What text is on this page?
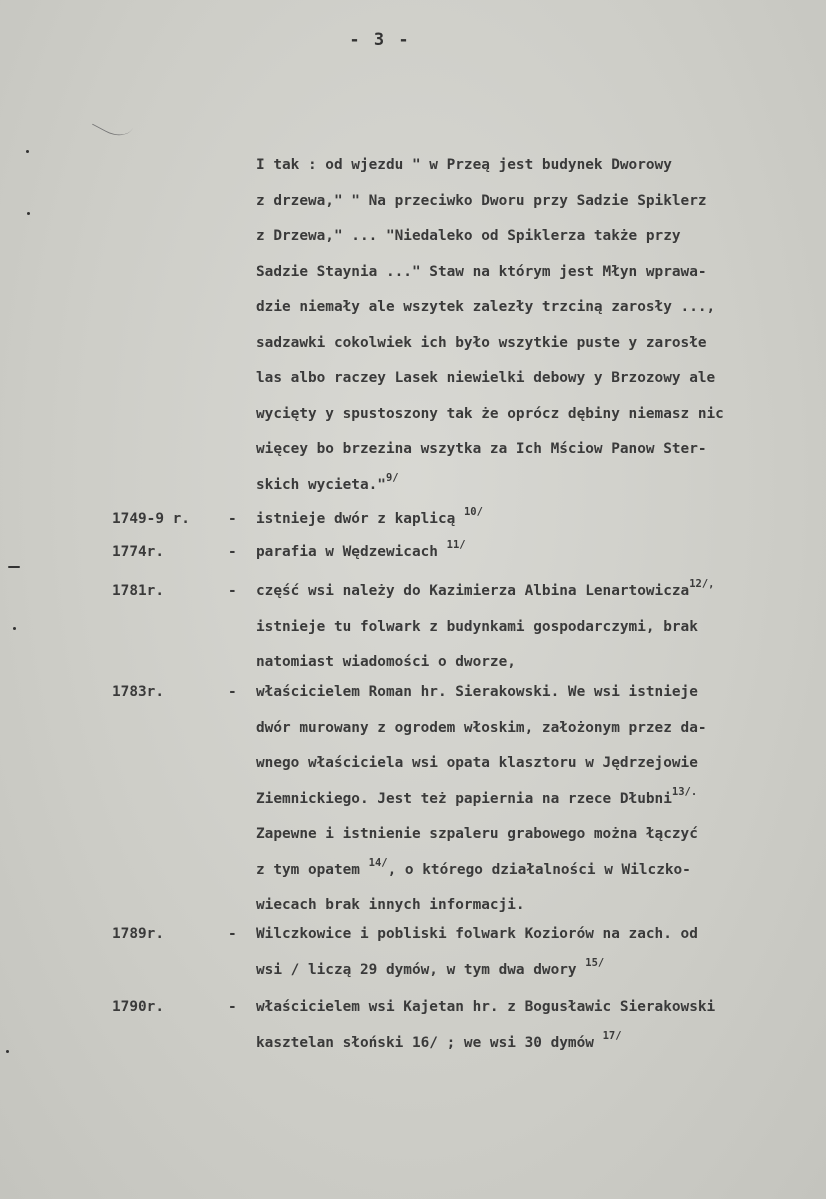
- 3 -
I tak : od wjezdu " w Przeą jest budynek Dworowy
z drzewa," " Na przeciwko Dworu przy Sadzie Spiklerz
z Drzewa," ... "Niedaleko od Spiklerza także przy
Sadzie Staynia ..." Staw na którym jest Młyn wprawa-
dzie niemały ale wszytek zalezły trzciną zarosły ...,
sadzawki cokolwiek ich było wszytkie puste y zarosłe
las albo raczey Lasek niewielki debowy y Brzozowy ale
wycięty y spustoszony tak że oprócz dębiny niemasz nic
więcey bo brzezina wszytka za Ich Mściow Panow Ster-
skich wycieta."$^{9/}$
1749-9 r.	- istnieje dwór z kaplicą $^{10/}$
1774r.	- parafia w Wędzewicach $^{11/}$
1781r.	- część wsi należy do Kazimierza Albina Lenartowicza$^{12/,}$
istnieje tu folwark z budynkami gospodarczymi, brak
natomiast wiadomości o dworze,
1783r.	- właścicielem Roman hr. Sierakowski. We wsi istnieje
dwór murowany z ogrodem włoskim, założonym przez da-
wnego właściciela wsi opata klasztoru w Jędrzejowie
Ziemnickiego. Jest też papiernia na rzece Dłubni$^{13/.}$
Zapewne i istnienie szpaleru grabowego można łączyć
z tym opatem $^{14/}$, o którego działalności w Wilczko-
wiecach brak innych informacji.
1789r.	- Wilczkowice i pobliski folwark Koziorów na zach. od
wsi / liczą 29 dymów, w tym dwa dwory $^{15/}$
1790r.	- właścicielem wsi Kajetan hr. z Bogusławic Sierakowski
kasztelan słoński 16/ ; we wsi 30 dymów $^{17/}$
